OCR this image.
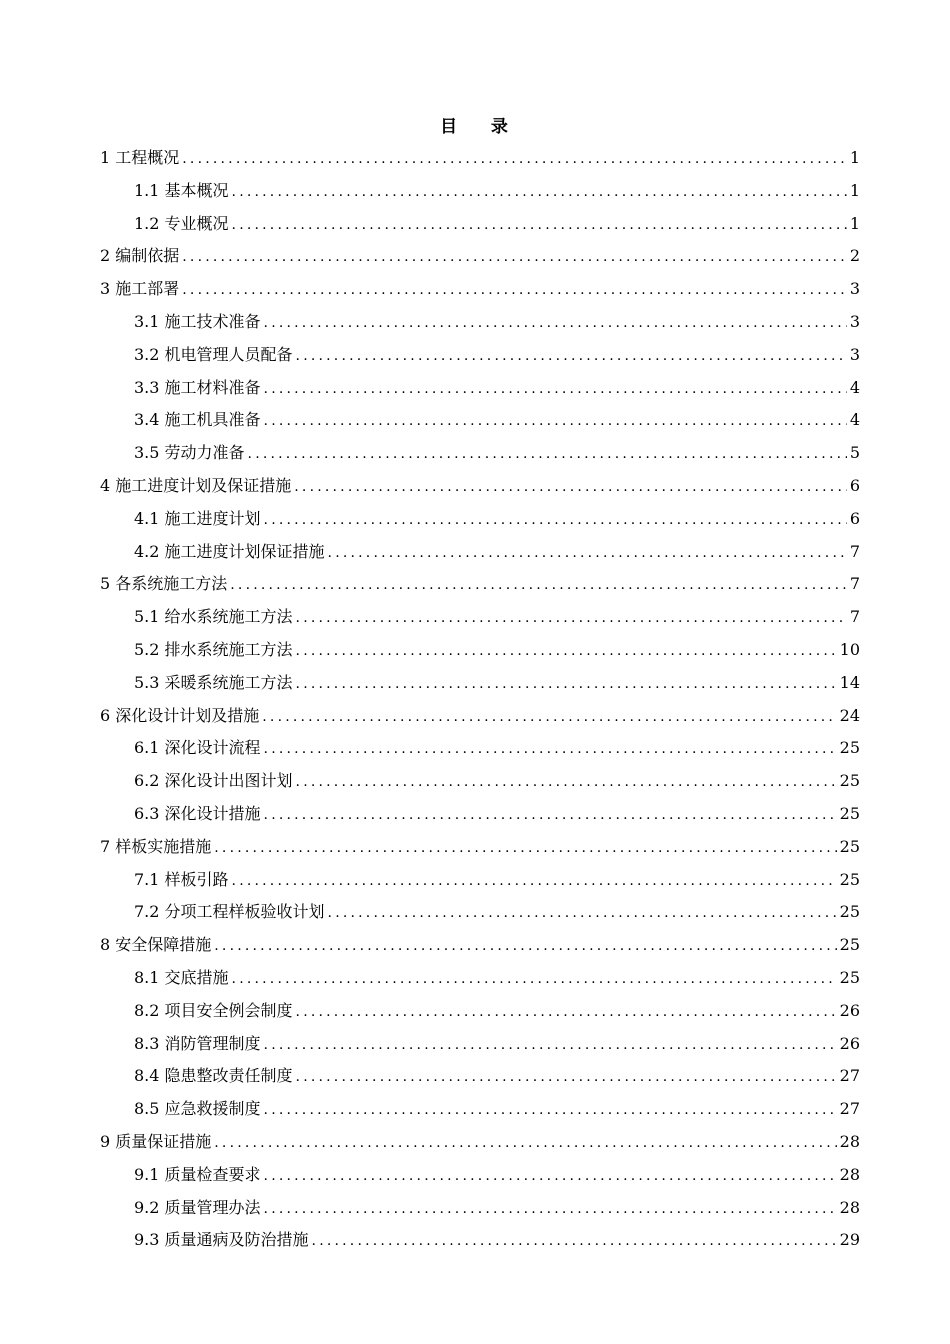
目    录
1 工程概况 .....	1
1.1 基本概况 .....	1
1.2 专业概况 .....	1
2 编制依据 .....	2
3 施工部署 .....	3
3.1 施工技术准备 .....	3
3.2 机电管理人员配备 .....	3
3.3 施工材料准备 .....	4
3.4 施工机具准备 .....	4
3.5 劳动力准备 .....	5
4 施工进度计划及保证措施 .....	6
4.1 施工进度计划 .....	6
4.2 施工进度计划保证措施 .....	7
5 各系统施工方法 .....	7
5.1 给水系统施工方法 .....	7
5.2 排水系统施工方法 .....	10
5.3 采暖系统施工方法 .....	14
6 深化设计计划及措施 .....	24
6.1 深化设计流程 .....	25
6.2 深化设计出图计划 .....	25
6.3 深化设计措施 .....	25
7 样板实施措施 .....	25
7.1 样板引路 .....	25
7.2 分项工程样板验收计划 .....	25
8 安全保障措施 .....	25
8.1 交底措施 .....	25
8.2 项目安全例会制度 .....	26
8.3 消防管理制度 .....	26
8.4 隐患整改责任制度 .....	27
8.5 应急救援制度 .....	27
9 质量保证措施 .....	28
9.1 质量检查要求 .....	28
9.2 质量管理办法 .....	28
9.3 质量通病及防治措施 .....	29
